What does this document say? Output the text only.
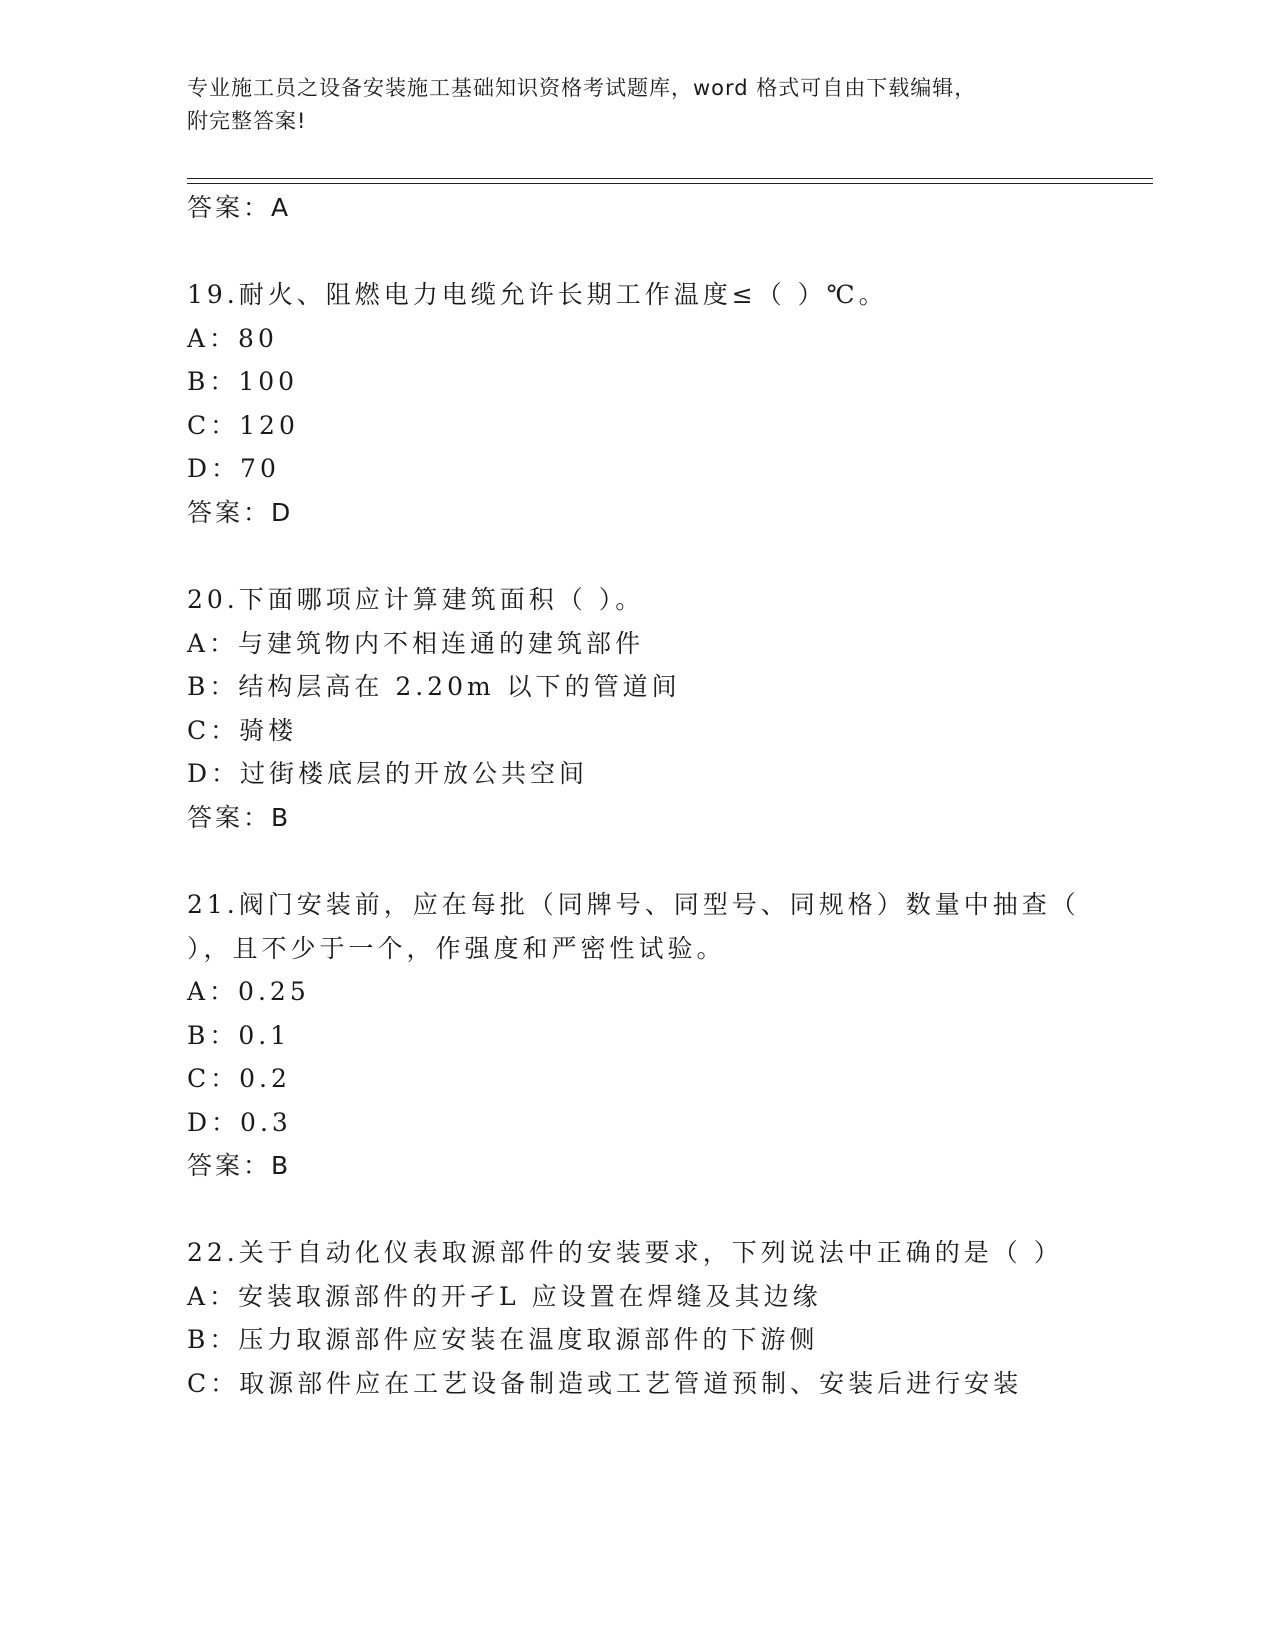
专业施工员之设备安装施工基础知识资格考试题库，word 格式可自由下载编辑，
附完整答案!
答案：A
19.耐火、阻燃电力电缆允许长期工作温度≤（ ）℃。
A：80
B：100
C：120
D：70
答案：D
20.下面哪项应计算建筑面积（ ）。
A：与建筑物内不相连通的建筑部件
B：结构层高在 2.20m 以下的管道间
C：骑楼
D：过街楼底层的开放公共空间
答案：B
21.阀门安装前，应在每批（同牌号、同型号、同规格）数量中抽查（
），且不少于一个，作强度和严密性试验。
A：0.25
B：0.1
C：0.2
D：0.3
答案：B
22.关于自动化仪表取源部件的安装要求，下列说法中正确的是（ ）
A：安装取源部件的开孑L 应设置在焊缝及其边缘
B：压力取源部件应安装在温度取源部件的下游侧
C：取源部件应在工艺设备制造或工艺管道预制、安装后进行安装
